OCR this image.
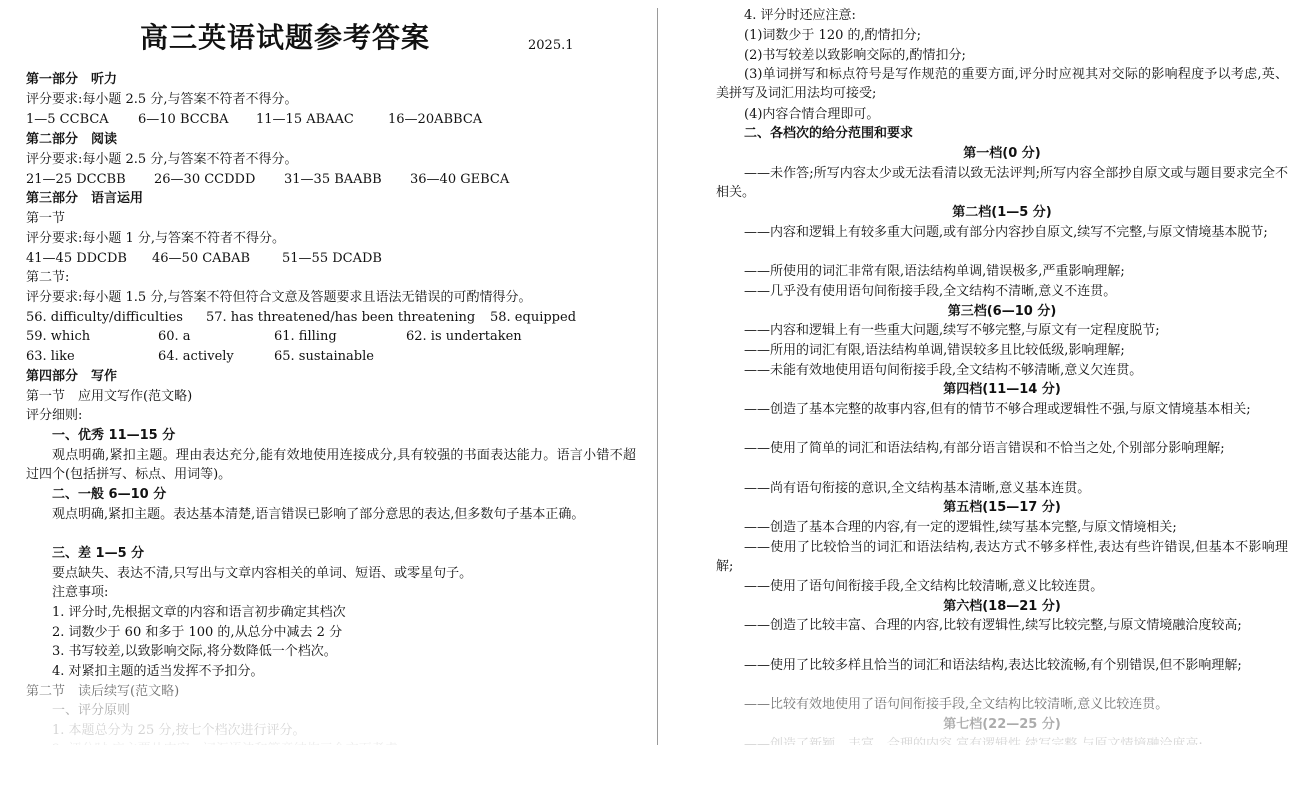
高三英语试题参考答案	2025.1
第一部分　听力
评分要求:每小题 2.5 分,与答案不符者不得分。
1—5 CCBCA	6—10 BCCBA	11—15 ABAAC	16—20ABBCA
第二部分　阅读
评分要求:每小题 2.5 分,与答案不符者不得分。
21—25 DCCBB	26—30 CCDDD	31—35 BAABB	36—40 GEBCA
第三部分　语言运用
第一节
评分要求:每小题 1 分,与答案不符者不得分。
41—45 DDCDB	46—50 CABAB	51—55 DCADB
第二节:
评分要求:每小题 1.5 分,与答案不符但符合文意及答题要求且语法无错误的可酌情得分。
56. difficulty/difficulties	57. has threatened/has been threatening	58. equipped
59. which	60. a	61. filling	62. is undertaken
63. like	64. actively	65. sustainable
第四部分　写作
第一节　应用文写作(范文略)
评分细则:
一、优秀 11—15 分
观点明确,紧扣主题。理由表达充分,能有效地使用连接成分,具有较强的书面表达能力。语言小错不超过四个(包括拼写、标点、用词等)。
二、一般 6—10 分
观点明确,紧扣主题。表达基本清楚,语言错误已影响了部分意思的表达,但多数句子基本正确。
三、差 1—5 分
要点缺失、表达不清,只写出与文章内容相关的单词、短语、或零星句子。
注意事项:
1. 评分时,先根据文章的内容和语言初步确定其档次
2. 词数少于 60 和多于 100 的,从总分中减去 2 分
3. 书写较差,以致影响交际,将分数降低一个档次。
4. 对紧扣主题的适当发挥不予扣分。
第二节　读后续写(范文略)
一、评分原则
1. 本题总分为 25 分,按七个档次进行评分。
4. 评分时还应注意:
(1)词数少于 120 的,酌情扣分;
(2)书写较差以致影响交际的,酌情扣分;
(3)单词拼写和标点符号是写作规范的重要方面,评分时应视其对交际的影响程度予以考虑,英、美拼写及词汇用法均可接受;
(4)内容合情合理即可。
二、各档次的给分范围和要求
第一档(0 分)
——未作答;所写内容太少或无法看清以致无法评判;所写内容全部抄自原文或与题目要求完全不相关。
第二档(1—5 分)
——内容和逻辑上有较多重大问题,或有部分内容抄自原文,续写不完整,与原文情境基本脱节;
——所使用的词汇非常有限,语法结构单调,错误极多,严重影响理解;
——几乎没有使用语句间衔接手段,全文结构不清晰,意义不连贯。
第三档(6—10 分)
——内容和逻辑上有一些重大问题,续写不够完整,与原文有一定程度脱节;
——所用的词汇有限,语法结构单调,错误较多且比较低级,影响理解;
——未能有效地使用语句间衔接手段,全文结构不够清晰,意义欠连贯。
第四档(11—14 分)
——创造了基本完整的故事内容,但有的情节不够合理或逻辑性不强,与原文情境基本相关;
——使用了简单的词汇和语法结构,有部分语言错误和不恰当之处,个别部分影响理解;
——尚有语句衔接的意识,全文结构基本清晰,意义基本连贯。
第五档(15—17 分)
——创造了基本合理的内容,有一定的逻辑性,续写基本完整,与原文情境相关;
——使用了比较恰当的词汇和语法结构,表达方式不够多样性,表达有些许错误,但基本不影响理解;
——使用了语句间衔接手段,全文结构比较清晰,意义比较连贯。
第六档(18—21 分)
——创造了比较丰富、合理的内容,比较有逻辑性,续写比较完整,与原文情境融洽度较高;
——使用了比较多样且恰当的词汇和语法结构,表达比较流畅,有个别错误,但不影响理解;
——比较有效地使用了语句间衔接手段,全文结构比较清晰,意义比较连贯。
第七档(22—25 分)
